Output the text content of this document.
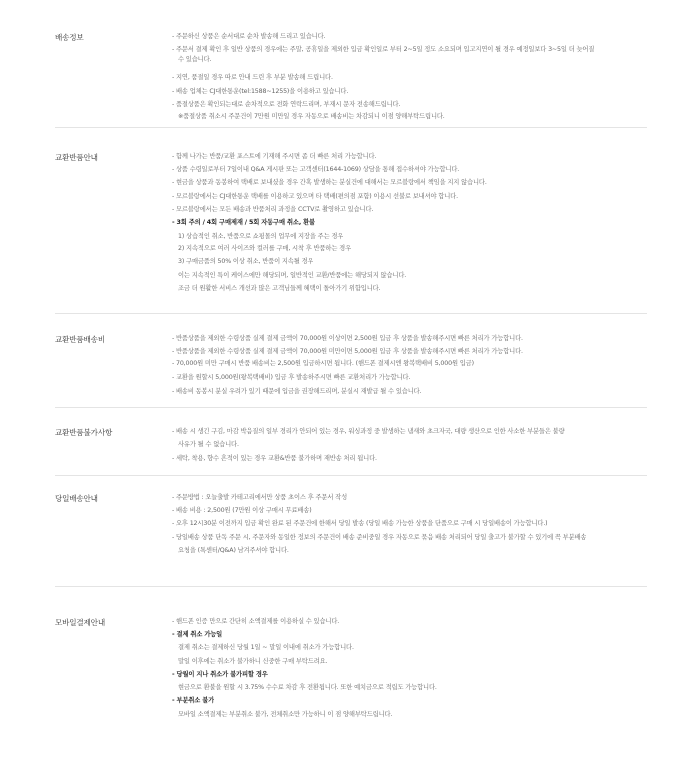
배송정보	- 주문하신 상품은 순서대로 순차 발송해 드리고 있습니다.
- 주문서 결제 확인 후 일반 상품의 경우에는 주말, 공휴일을 제외한 입금 확인일로 부터 2~5일 정도 소요되며 입고지연이 될 경우 예정일보다 3~5일 더 늦어질
수 있습니다.
- 지연, 품절일 경우 따로 안내 드린 후 부분 발송해 드립니다.
- 배송 업체는 CJ대한통운(tel:1588~1255)을 이용하고 있습니다.
- 품절상품은 확인되는대로 순차적으로 전화 연락드리며, 부재시 문자 전송해드립니다.
※품절상품 취소시 주문건이 7만원 미만일 경우 자동으로 배송비는 차감되니 이점 양해부탁드립니다.
교환반품안내	- 함께 나가는 반품/교환 포스트에 기재해 주시면 좀 더 빠른 처리 가능합니다.
- 상품 수령일로부터 7일이내 Q&A 게시판 또는 고객센터(1644-1069) 상담을 통해 접수하셔야 가능합니다.
- 현금을 상품과 동봉하여 택배로 보내셨을 경우 간혹 발생하는 분실건에 대해서는 모르블랑에서 책임을 지지 않습니다.
- 모르블랑에서는 CJ대한통운 택배를 이용하고 있으며 타 택배(편의점 포함) 이용시 선불로 보내셔야 합니다.
- 모르블랑에서는 모든 배송과 반품처리 과정을 CCTV로 촬영하고 있습니다.
- 3회 주의 / 4회 구매제재 / 5회 자동구매 취소, 환불
1) 상습적인 취소, 반품으로 쇼핑몰의 업무에 지장을 주는 경우
2) 지속적으로 여러 사이즈와 컬러를 구매, 시착 후 반품하는 경우
3) 구매금품의 50% 이상 취소, 반품이 지속될 경우
이는 지속적인 특이 케이스에만 해당되며, 일반적인 교환/반품에는 해당되지 않습니다.
조금 더 원활한 서비스 개선과 많은 고객님들께 혜택이 돌아가기 위함입니다.
교환반품배송비	- 반품상품을 제외한 수령상품 실제 결제 금액이 70,000원 이상이면 2,500원 입금 후 상품을 발송해주시면 빠른 처리가 가능합니다.
- 반품상품을 제외한 수령상품 실제 결제 금액이 70,000원 미만이면 5,000원 입금 후 상품을 발송해주시면 빠른 처리가 가능합니다.
- 70,000원 미만 구매시 반품 배송비는 2,500원 입금하시면 됩니다. (핸드폰 결제시엔 왕복택배비 5,000원 입금)
- 교환을 원할시 5,000원(왕복택배비) 입금 후 발송하주시면 빠른 교환처리가 가능합니다.
- 배송비 동봉시 분실 우려가 있기 때문에 입금을 권장해드리며, 분실시 재발급 될 수 있습니다.
교환반품불가사항	- 배송 시 생긴 구김, 마감 박음질의 일부 경리가 안되어 있는 경우, 워싱과정 중 발생하는 냄새와 초크자국, 대량 생산으로 인한 사소한 부분들은 불량
사유가 될 수 없습니다.
- 세탁, 착용, 향수 흔적이 있는 경우 교환&반품 불가하며 재반송 처리 됩니다.
당일배송안내	- 주문방법 : 오늘출발 카테고리에서만 상품 초이스 후 주문서 작성
- 배송 비용 : 2,500원 (7만원 이상 구매시 무료배송)
- 오후 12시30분 이전까지 입금 확인 완료 된 주문건에 한해서 당일 발송 (당일 배송 가능한 상품을 단품으로 구매 시 당일배송이 가능합니다.)
- 당일배송 상품 단독 주문 시, 주문자와 동일한 정보의 주문건이 배송 준비중일 경우 자동으로 묶음 배송 처리되어 당일 출고가 불가할 수 있기에 꼭 부분배송
요청을 (톡센터/Q&A) 남겨주셔야 합니다.
모바일결제안내	- 핸드폰 인증 만으로 간단히 소액결제를 이용하실 수 있습니다.
- 결제 취소 가능일
결제 취소는 결제하신 당월 1일 ~ 말일 이내에 취소가 가능합니다.
말일 이후에는 취소가 불가하니 신중한 구매 부탁드려요.
- 당월이 지나 취소가 불가피할 경우
현금으로 환불을 원할 시 3.75% 수수료 차감 후 전환됩니다. 또한 예치금으로 적립도 가능합니다.
- 부분취소 불가
모바일 소액결제는 부분취소 불가, 전체취소만 가능하니 이 점 양해부탁드립니다.
